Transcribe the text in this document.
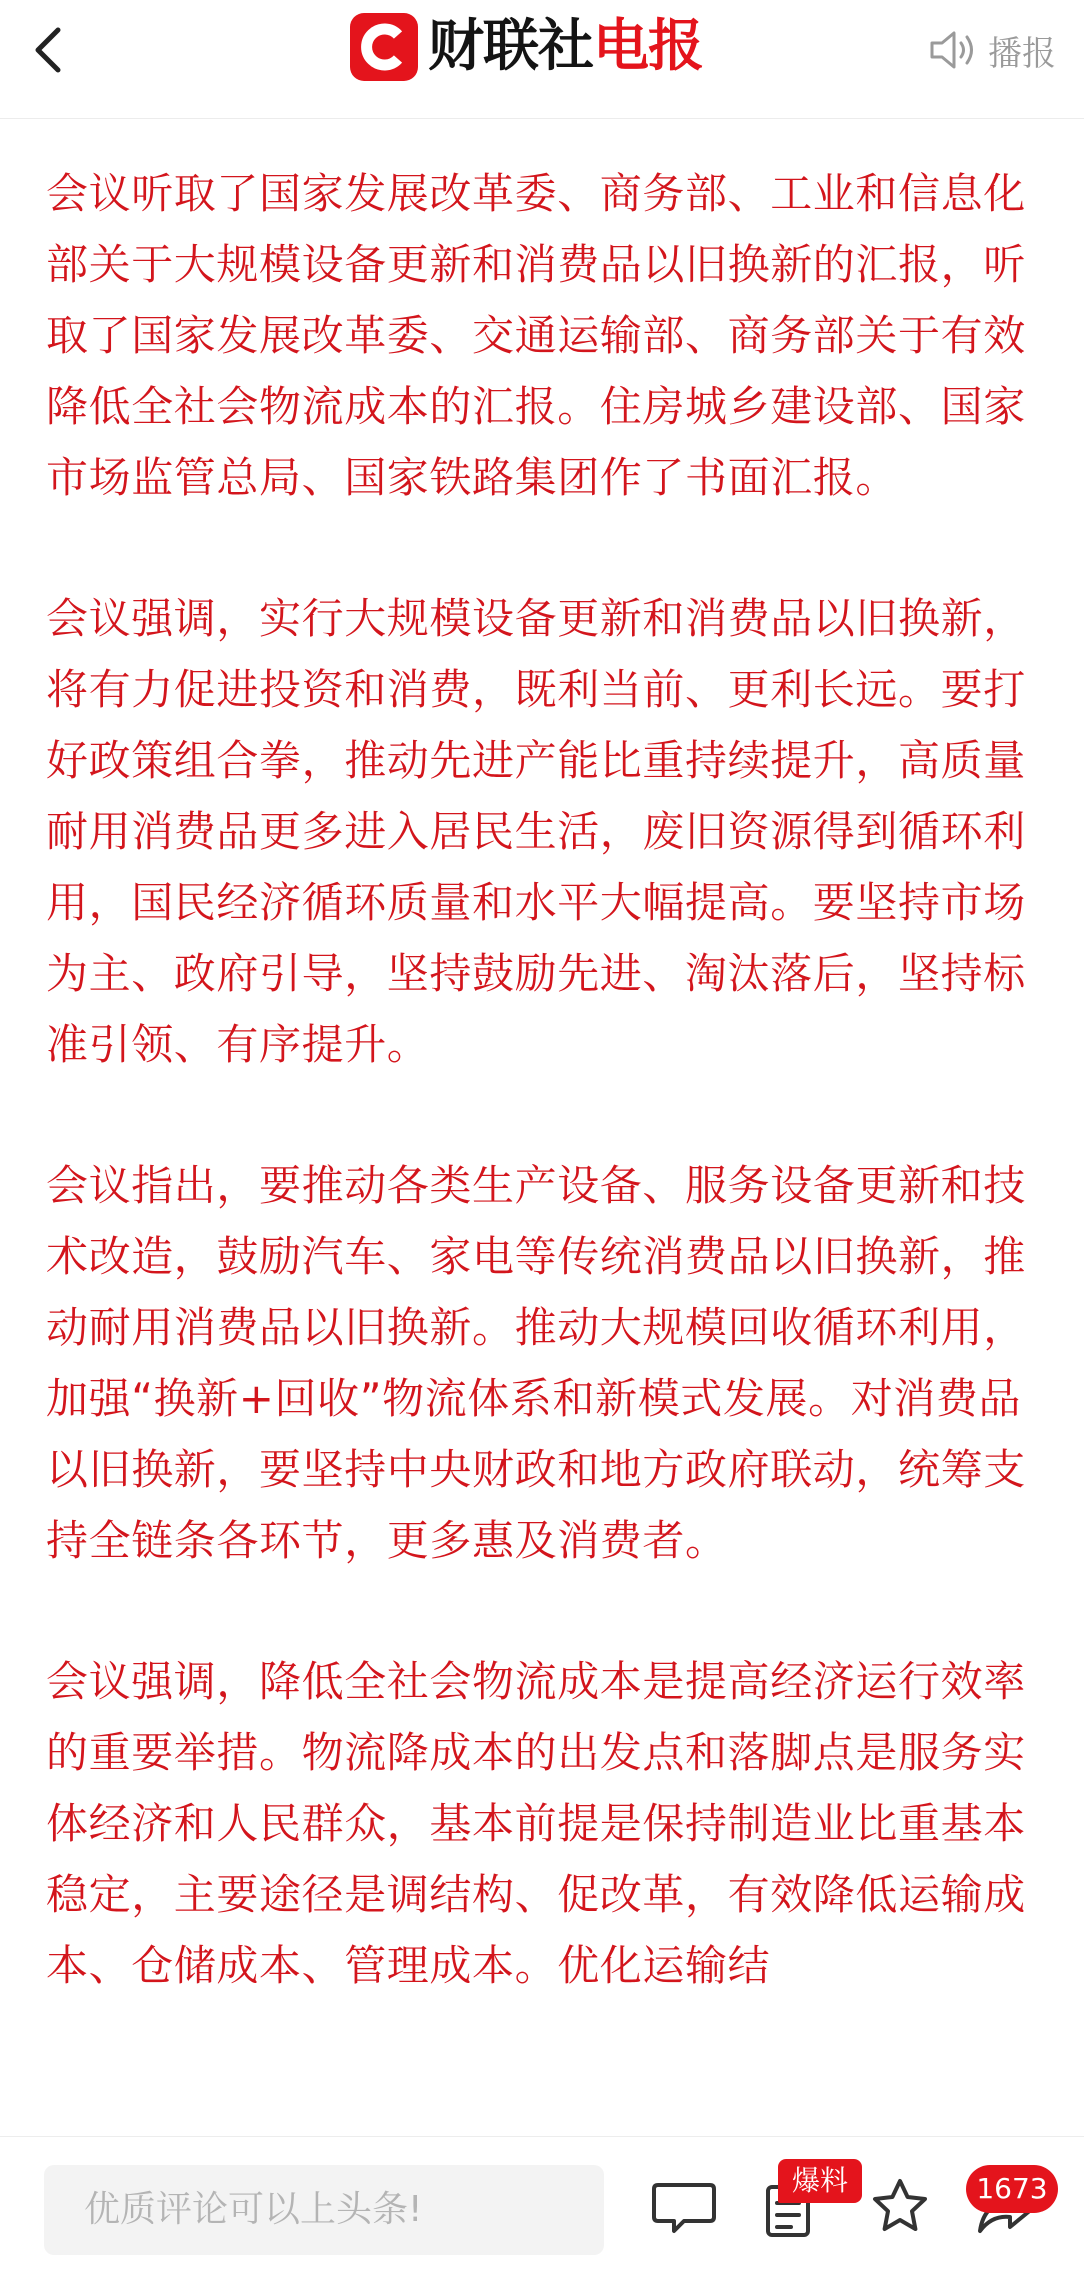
财联社电报	播报

会议听取了国家发展改革委、商务部、工业和信息化部关于大规模设备更新和消费品以旧换新的汇报，听取了国家发展改革委、交通运输部、商务部关于有效降低全社会物流成本的汇报。住房城乡建设部、国家市场监管总局、国家铁路集团作了书面汇报。

会议强调，实行大规模设备更新和消费品以旧换新，将有力促进投资和消费，既利当前、更利长远。要打好政策组合拳，推动先进产能比重持续提升，高质量耐用消费品更多进入居民生活，废旧资源得到循环利用，国民经济循环质量和水平大幅提高。要坚持市场为主、政府引导，坚持鼓励先进、淘汰落后，坚持标准引领、有序提升。

会议指出，要推动各类生产设备、服务设备更新和技术改造，鼓励汽车、家电等传统消费品以旧换新，推动耐用消费品以旧换新。推动大规模回收循环利用，加强“换新+回收”物流体系和新模式发展。对消费品以旧换新，要坚持中央财政和地方政府联动，统筹支持全链条各环节，更多惠及消费者。

会议强调，降低全社会物流成本是提高经济运行效率的重要举措。物流降成本的出发点和落脚点是服务实体经济和人民群众，基本前提是保持制造业比重基本稳定，主要途径是调结构、促改革，有效降低运输成本、仓储成本、管理成本。优化运输结

优质评论可以上头条!
爆料	1673
